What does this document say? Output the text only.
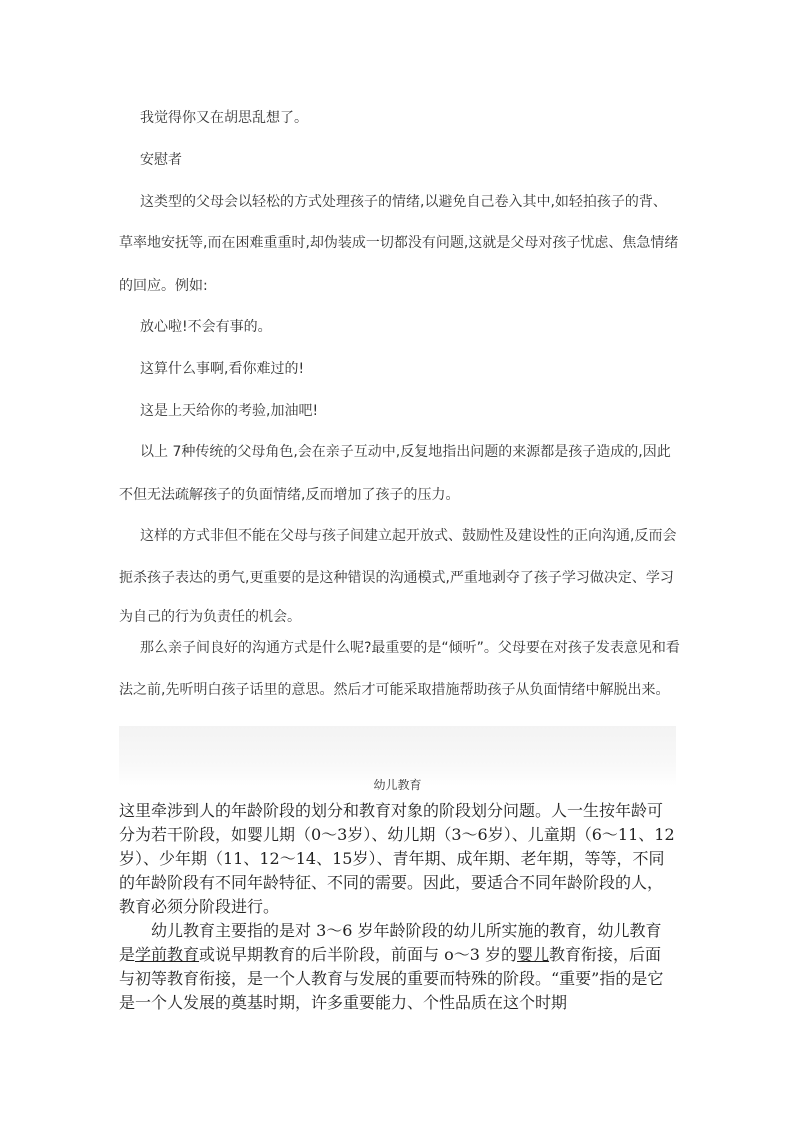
我觉得你又在胡思乱想了。
安慰者
这类型的父母会以轻松的方式处理孩子的情绪,以避免自己卷入其中,如轻拍孩子的背、
草率地安抚等,而在困难重重时,却伪装成一切都没有问题,这就是父母对孩子忧虑、焦急情绪
的回应。例如:
放心啦!不会有事的。
这算什么事啊,看你难过的!
这是上天给你的考验,加油吧!
以上 7种传统的父母角色,会在亲子互动中,反复地指出问题的来源都是孩子造成的,因此
不但无法疏解孩子的负面情绪,反而增加了孩子的压力。
这样的方式非但不能在父母与孩子间建立起开放式、鼓励性及建设性的正向沟通,反而会
扼杀孩子表达的勇气,更重要的是这种错误的沟通模式,严重地剥夺了孩子学习做决定、学习
为自己的行为负责任的机会。
那么亲子间良好的沟通方式是什么呢?最重要的是“倾听”。父母要在对孩子发表意见和看
法之前,先听明白孩子话里的意思。然后才可能采取措施帮助孩子从负面情绪中解脱出来。
幼儿教育

这里牵涉到人的年龄阶段的划分和教育对象的阶段划分问题。人一生按年龄可分为若干阶段，如婴儿期（0～3岁）、幼儿期（3～6岁）、儿童期（6～11、12岁）、少年期（11、12～14、15岁）、青年期、成年期、老年期，等等，不同的年龄阶段有不同年龄特征、不同的需要。因此，要适合不同年龄阶段的人，教育必须分阶段进行。

幼儿教育主要指的是对 3～6 岁年龄阶段的幼儿所实施的教育，幼儿教育是学前教育或说早期教育的后半阶段，前面与 o～3 岁的婴儿教育衔接，后面与初等教育衔接，是一个人教育与发展的重要而特殊的阶段。“重要”指的是它是一个人发展的奠基时期，许多重要能力、个性品质在这个时期
